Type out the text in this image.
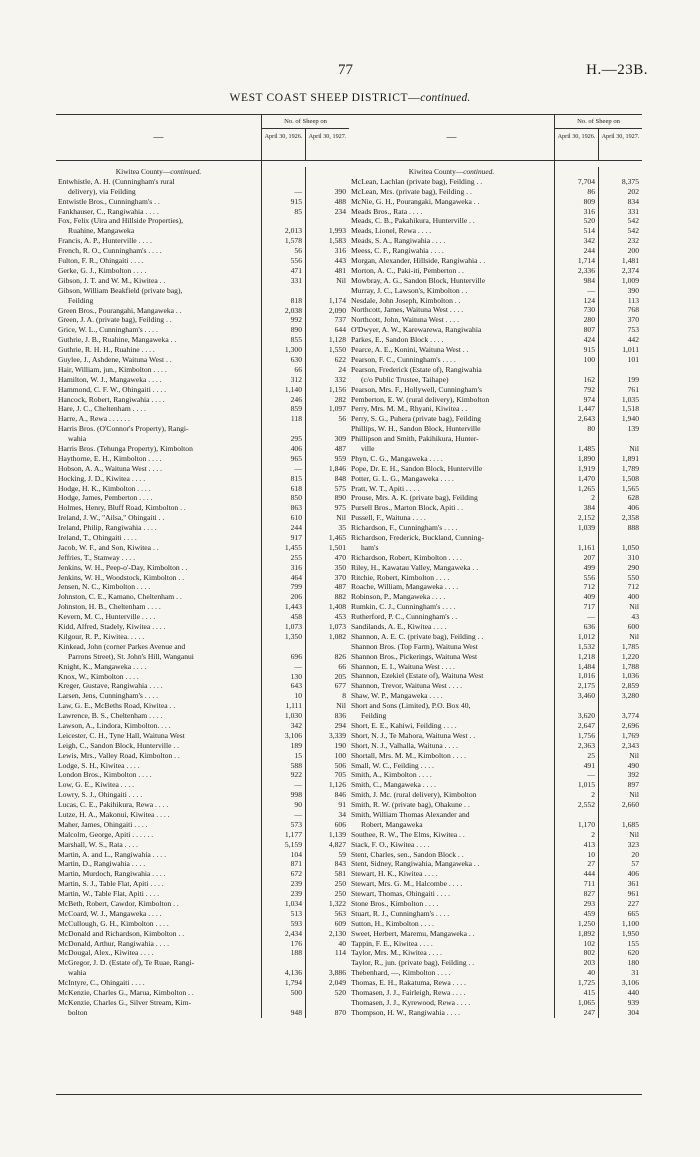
77	H.—23B.
WEST COAST SHEEP DISTRICT—continued.
—
No. of Sheep on
April 30, 1926. April 30, 1927.
Kiwitea County—continued.
Entwhistle, A. H. (Cunningham's rural
delivery), via Feilding
Entwistle Bros., Cunningham's . .
Fankhauser, C., Rangiwahia . . . .
Fox, Felix (Uira and Hillside Properties),
Ruahine, Mangaweka
Francis, A. P., Hunterville . . . .
French, R. O., Cunningham's . . . .
Fulton, F. R., Ohingaiti . . . .
Gerke, G. J., Kimbolton . . . .
Gibson, J. T. and W. M., Kiwitea . .
Gibson, William Beakfield (private bag),
Feilding
Green Bros., Pourangahi, Mangaweka . .
Green, J. A. (private bag), Feilding . .
Grice, W. L., Cunningham's . . . .
Guthrie, J. B., Ruahine, Mangaweka . .
Guthrie, R. H. H., Ruahine . . . .
Guylee, J., Ashdene, Waituna West . .
Hair, William, jun., Kimbolton . . . .
Hamilton, W. J., Mangaweka . . . .
Hammond, C. F. W., Ohingaiti . . . .
Hancock, Robert, Rangiwahia . . . .
Hare, J. C., Cheltenham . . . .
Harre, A., Rewa . . . . . .
Harris Bros. (O'Connor's Property), Rangi-
wahia
Harris Bros. (Tehunga Property), Kimbolton
Haythorne, E. H., Kimbolton . . . .
Hobson, A. A., Waituna West . . . .
Hocking, J. D., Kiwitea . . . .
Hodge, H. K., Kimbolton . . . .
Hodge, James, Pemberton . . . .
Holmes, Henry, Bluff Road, Kimbolton . .
Ireland, J. W., "Ailsa," Ohingaiti . .
Ireland, Philip, Rangiwahia . . . .
Ireland, T., Ohingaiti . . . .
Jacob, W. F., and Son, Kiwitea . .
Jeffries, T., Stanway . . . .
Jenkins, W. H., Peep-o'-Day, Kimbolton . .
Jenkins, W. H., Woodstock, Kimbolton . .
Jensen, N. C., Kimbolton . . . .
Johnston, C. E., Kamano, Cheltenham . .
Johnston, H. B., Cheltenham . . . .
Kevern, M. C., Hunterville . . . .
Kidd, Alfred, Stadely, Kiwitea . . . .
Kilgour, R. P., Kiwitea. . . . .
Kinkead, John (corner Parkes Avenue and
Parrons Street), St. John's Hill, Wanganui
Knight, K., Mangaweka . . . .
Knox, W., Kimbolton . . . .
Kreger, Gustave, Rangiwahia . . . .
Larsen, Jens, Cunningham's . . . .
Law, G. E., McBeths Road, Kiwitea . .
Lawrence, B. S., Cheltenham . . . .
Lawson, A., Lindora, Kimbolton. . . .
Leicester, C. H., Tyne Hall, Waituna West
Leigh, C., Sandon Block, Hunterville . .
Lewis, Mrs., Valley Road, Kimbolton . .
Lodge, S. H., Kiwitea . . . .
London Bros., Kimbolton . . . .
Low, G. E., Kiwitea . . . .
Lowry, S. J., Ohingaiti . . . .
Lucas, C. E., Pakihikura, Rewa . . . .
Lutze, H. A., Makonui, Kiwitea . . . .
Maher, James, Ohingaiti . . . .
Malcolm, George, Apiti . . . . . .
Marshall, W. S., Rata . . . .
Martin, A. and L., Rangiwahia . . . .
Martin, D., Rangiwahia . . . .
Martin, Murdoch, Rangiwahia . . . .
Martin, S. J., Table Flat, Apiti . . . .
Martin, W., Table Flat, Apiti . . . .
McBeth, Robert, Cawdor, Kimbolton . .
McCoard, W. J., Mangaweka . . . .
McCullough, G. H., Kimbolton . . . .
McDonald and Richardson, Kimbolton . .
McDonald, Arthur, Rangiwahia . . . .
McDougal, Alex., Kiwitea . . . .
McGregor, J. D. (Estate of), Te Ruae, Rangi-
wahia
McIntyre, C., Ohingaiti . . . .
McKenzie, Charles G., Marua, Kimbolton . .
McKenzie, Charles G., Silver Stream, Kim-
bolton
—
915
85
2,013
1,578
56
556
471
331
818
2,038
992
890
855
1,300
630
66
312
1,140
246
859
118
295
406
965
—
815
618
850
863
610
244
917
1,455
255
316
464
799
206
1,443
458
1,073
1,350
696
—
130
643
10
1,111
1,030
342
3,106
189
15
588
922
—
998
90
—
573
1,177
5,159
104
871
672
239
239
1,034
513
593
2,434
176
188
4,136
1,794
500
948
390
488
234
1,993
1,583
316
443
481
Nil
1,174
2,090
737
644
1,128
1,550
622
24
332
1,156
282
1,097
56
309
487
959
1,846
848
575
890
975
Nil
35
1,465
1,501
470
350
370
487
882
1,408
453
1,073
1,082
826
66
205
677
8
Nil
836
294
3,339
190
100
506
705
1,126
846
91
34
606
1,139
4,827
59
843
581
250
250
1,322
563
609
2,130
40
114
3,886
2,049
520
870
—
No. of Sheep on
April 30, 1926. April 30, 1927.
Kiwitea County—continued.
McLean, Lachlan (private bag), Feilding . .
McLean, Mrs. (private bag), Feilding . .
McNie, G. H., Pourangaki, Mangaweka . .
Meads Bros., Rata . . . .
Meads, C. B., Pakahikura, Hunterville . .
Meads, Lionel, Rewa . . . .
Meads, S. A., Rangiwahia . . . .
Meess, C. F., Rangiwahia . . . .
Morgan, Alexander, Hillside, Rangiwahia . .
Morton, A. C., Paki-iti, Pemberton . .
Mowbray, A. G., Sandon Block, Hunterville
Murray, J. C., Lawson's, Kimbolton . .
Nesdale, John Joseph, Kimbolton . .
Northcott, James, Waituna West . . . .
Northcott, John, Waituna West . . . .
O'Dwyer, A. W., Karewarewa, Rangiwahia
Parkes, E., Sandon Block . . . .
Pearce, A. E., Konini, Waituna West . .
Pearson, F. C., Cunningham's . . . .
Pearson, Frederick (Estate of), Rangiwahia
(c/o Public Trustee, Taihape)
Pearson, Mrs. F., Hollywell, Cunningham's
Pemberton, E. W. (rural delivery), Kimbolton
Perry, Mrs. M. M., Rhyani, Kiwitea . .
Perry, S. G., Puhera (private bag), Feilding
Phillips, W. H., Sandon Block, Hunterville
Phillipson and Smith, Pakihikura, Hunter-
ville
Phyn, C. G., Mangaweka . . . .
Pope, Dr. E. H., Sandon Block, Hunterville
Potter, G. L. G., Mangaweka . . . .
Pratt, W. T., Apiti . . . .
Prouse, Mrs. A. K. (private bag), Feilding
Pursell Bros., Marton Block, Apiti . .
Pussell, F., Waituna . . . .
Richardson, F., Cunningham's . . . .
Richardson, Frederick, Buckland, Cunning-
ham's
Richardson, Robert, Kimbolton . . . .
Riley, H., Kawatau Valley, Mangaweka . .
Ritchie, Robert, Kimbolton . . . .
Roache, William, Mangaweka . . . .
Robinson, P., Mangaweka . . . .
Rumkin, C. J., Cunningham's . . . .
Rutherford, P. C., Cunningham's . .
Sandilands, A. E., Kiwitea . . . .
Shannon, A. E. C. (private bag), Feilding . .
Shannon Bros. (Top Farm), Waituna West
Shannon Bros., Pickerings, Waituna West
Shannon, E. I., Waituna West . . . .
Shannon, Ezekiel (Estate of), Waituna West
Shannon, Trevor, Waituna West . . . .
Shaw, W. P., Mangaweka . . . .
Short and Sons (Limited), P.O. Box 40,
Feilding
Short, E. E., Kahiwi, Feilding . . . .
Short, N. J., Te Mahora, Waituna West . .
Short, N. J., Valhalla, Waituna . . . .
Shortall, Mrs. M. M., Kimbolton . . . .
Small, W. C., Feilding . . . .
Smith, A., Kimbolton . . . .
Smith, C., Mangaweka . . . .
Smith, J. Mc. (rural delivery), Kimbolton
Smith, R. W. (private bag), Ohakune . .
Smith, William Thomas Alexander and
Robert, Mangaweka
Southee, R. W., The Elms, Kiwitea . .
Stack, F. O., Kiwitea . . . .
Stent, Charles, sen., Sandon Block . .
Stent, Sidney, Rangiwahia, Mangaweka . .
Stewart, H. K., Kiwitea . . . .
Stewart, Mrs. G. M., Halcombe . . . .
Stewart, Thomas, Ohingaiti . . . .
Stone Bros., Kimbolton . . . .
Stuart, R. J., Cunningham's . . . .
Sutton, H., Kimbolton . . . .
Sweet, Herbert, Maremu, Mangaweka . .
Tappin, F. E., Kiwitea . . . .
Taylor, Mrs. M., Kiwitea . . . .
Taylor, R., jun. (private bag), Feilding . .
Thebenhard, —, Kimbolton . . . .
Thomas, E. H., Rakatuma, Rewa . . . .
Thomasen, J. J., Fairleigh, Rewa . . . .
Thomasen, J. J., Kyrewood, Rewa . . . .
Thompson, H. W., Rangiwahia . . . .
7,704
86
809
316
520
514
342
244
1,714
2,336
984
—
124
730
280
807
424
915
100
162
792
974
1,447
2,643
80
1,485
1,890
1,919
1,470
1,265
2
384
2,152
1,039
1,161
207
499
556
712
409
717
—
636
1,012
1,532
1,218
1,484
1,016
2,175
3,460
3,620
2,647
1,756
2,363
25
491
—
1,015
2
2,552
1,170
2
413
10
27
444
711
827
293
459
1,250
1,892
102
802
203
40
1,725
415
1,065
247
8,375
202
834
331
542
542
232
200
1,481
2,374
1,009
390
113
768
370
753
442
1,011
101
199
761
1,035
1,518
1,940
139
Nil
1,891
1,789
1,508
1,565
628
406
2,358
888
1,050
310
290
550
712
400
Nil
43
600
Nil
1,785
1,220
1,788
1,036
2,859
3,280
3,774
2,696
1,769
2,343
Nil
490
392
897
Nil
2,660
1,685
Nil
323
20
57
406
361
961
227
665
1,100
1,950
155
620
180
31
3,106
440
939
304
